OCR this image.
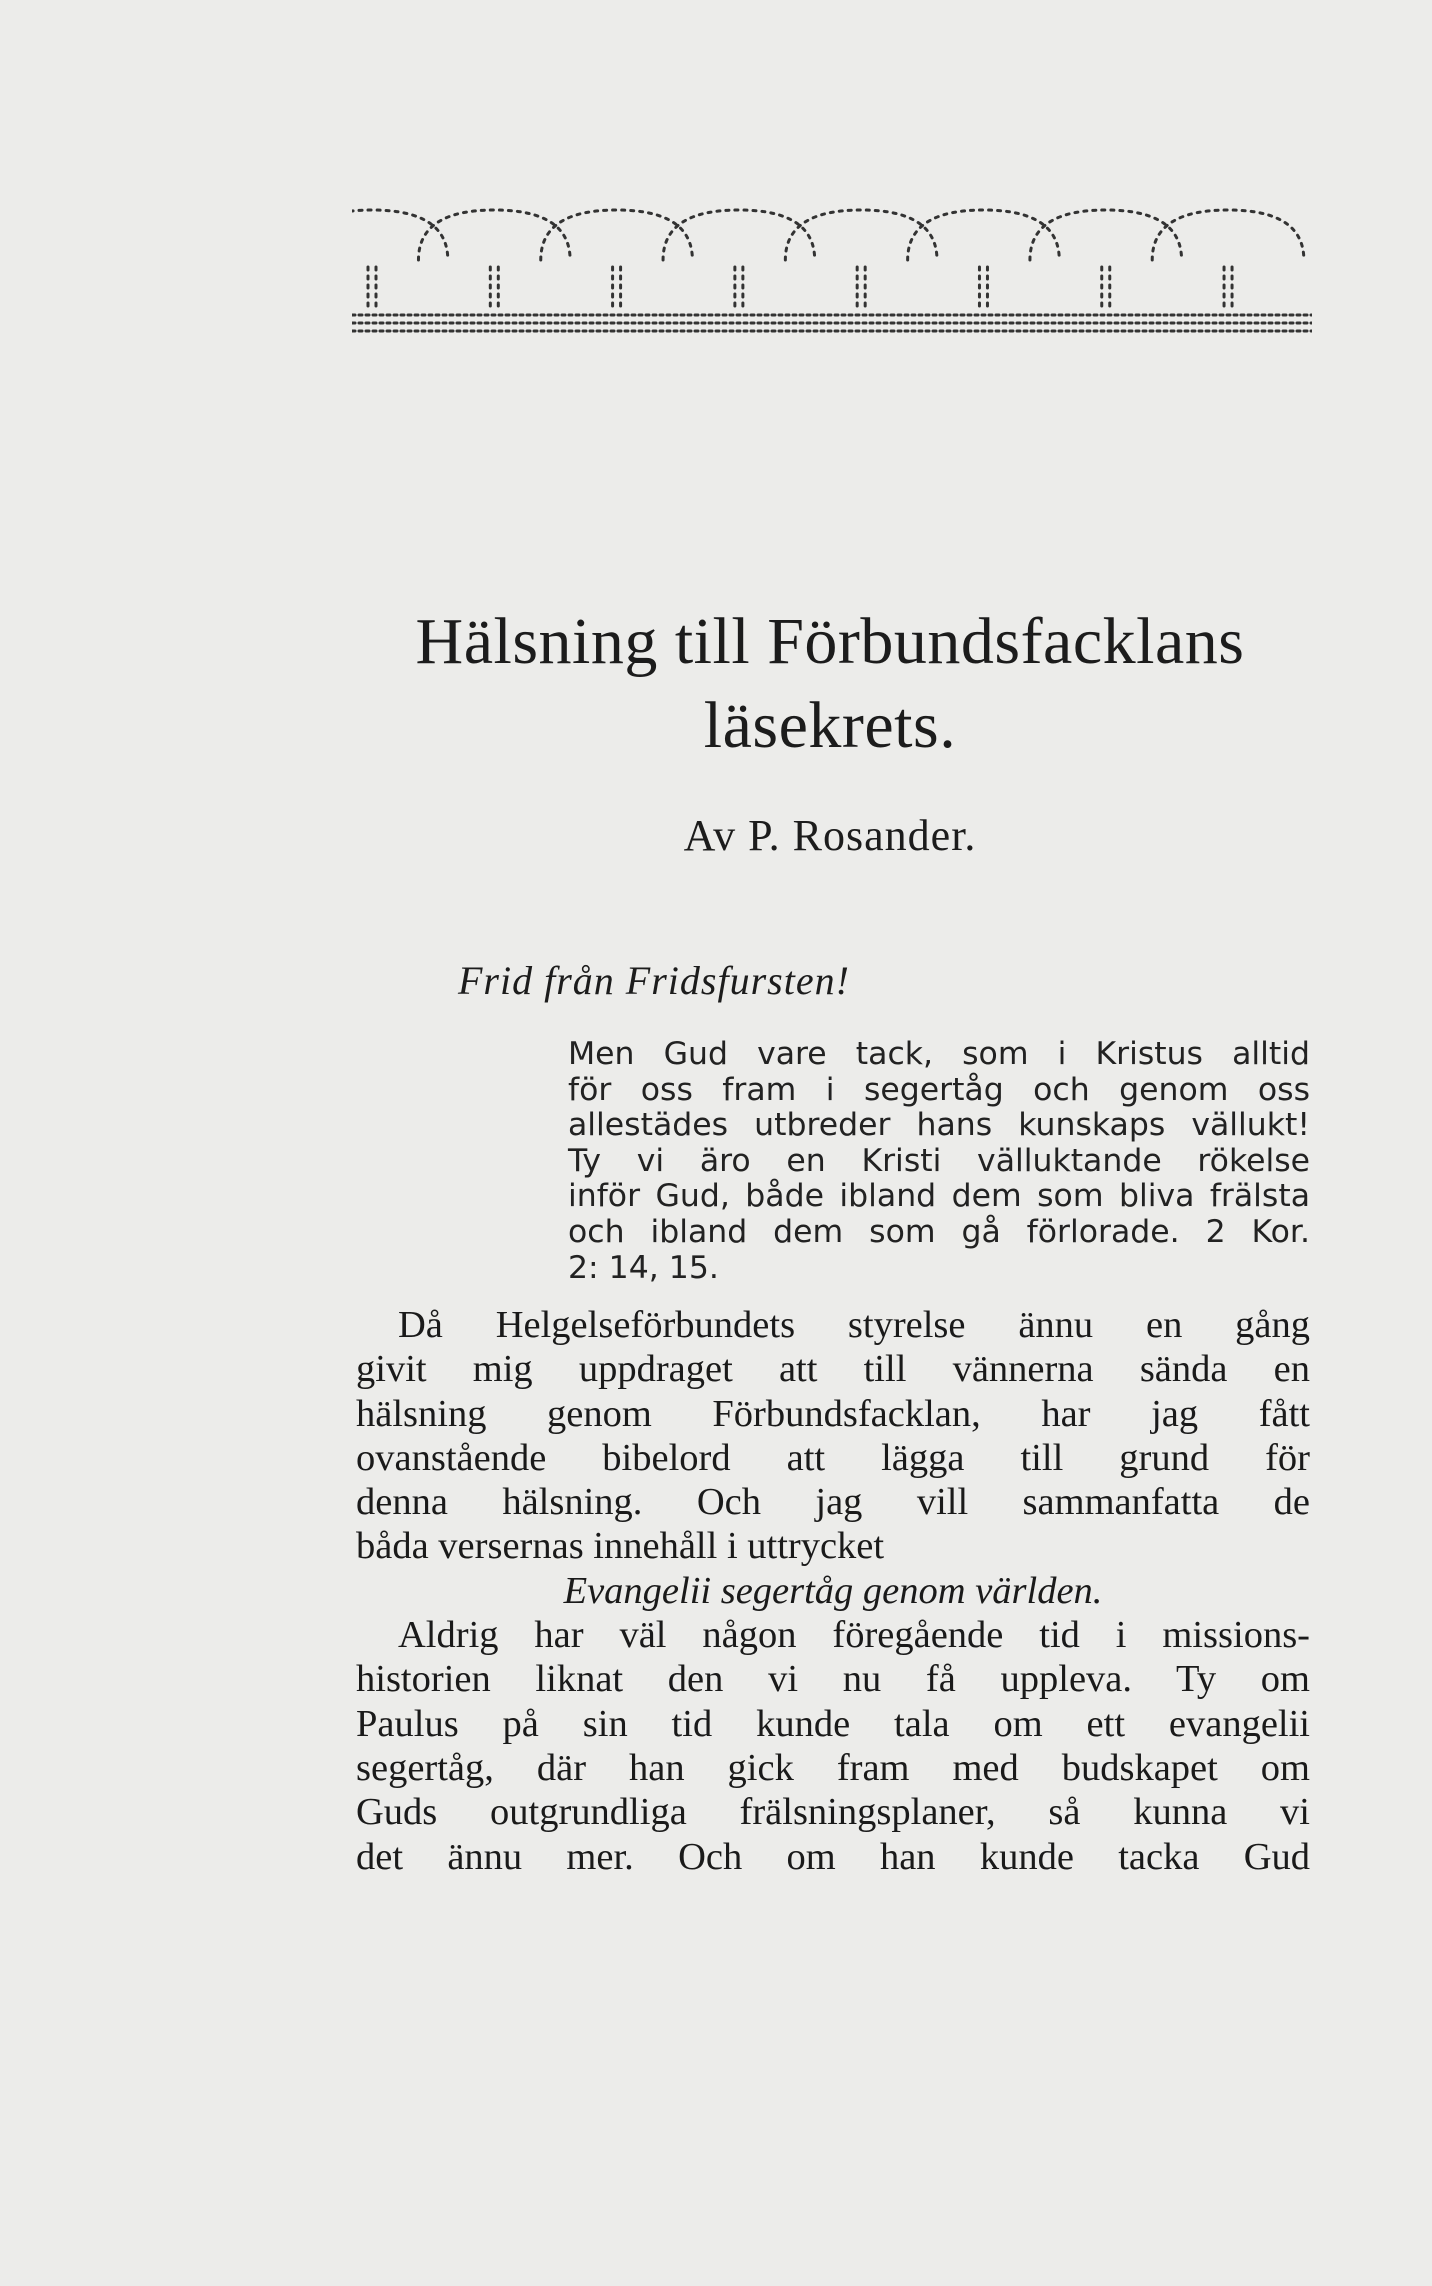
Hälsning till Förbundsfacklans
läsekrets.
Av P. Rosander.
Frid från Fridsfursten!
Men Gud vare tack, som i Kristus alltid
för oss fram i segertåg och genom oss
allestädes utbreder hans kunskaps vällukt!
Ty vi äro en Kristi välluktande rökelse
inför Gud, både ibland dem som bliva frälsta
och ibland dem som gå förlorade. 2 Kor.
2: 14, 15.
Då Helgelseförbundets styrelse ännu en gång
givit mig uppdraget att till vännerna sända en
hälsning genom Förbundsfacklan, har jag fått
ovanstående bibelord att lägga till grund för
denna hälsning. Och jag vill sammanfatta de
båda versernas innehåll i uttrycket
Evangelii segertåg genom världen.
Aldrig har väl någon föregående tid i missions-
historien liknat den vi nu få uppleva. Ty om
Paulus på sin tid kunde tala om ett evangelii
segertåg, där han gick fram med budskapet om
Guds outgrundliga frälsningsplaner, så kunna vi
det ännu mer. Och om han kunde tacka Gud
